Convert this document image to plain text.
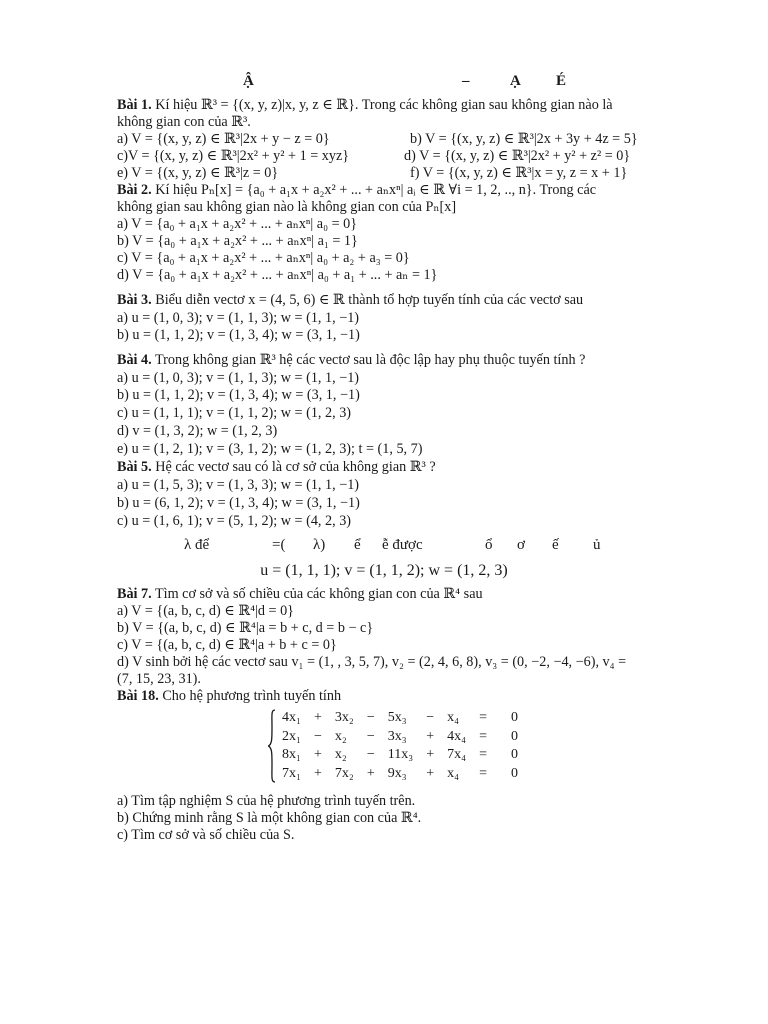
Ậ	–	Ạ É
Bài 1. Kí hiệu ℝ³ = {(x, y, z)|x, y, z ∈ ℝ}. Trong các không gian sau không gian nào là
không gian con của ℝ³.
a) V = {(x, y, z) ∈ ℝ³|2x + y − z = 0}	b) V = {(x, y, z) ∈ ℝ³|2x + 3y + 4z = 5}
c)V = {(x, y, z) ∈ ℝ³|2x² + y² + 1 = xyz}	d) V = {(x, y, z) ∈ ℝ³|2x² + y² + z² = 0}
e) V = {(x, y, z) ∈ ℝ³|z = 0}	f) V = {(x, y, z) ∈ ℝ³|x = y, z = x + 1}
Bài 2. Kí hiệu Pₙ[x] = {a₀ + a₁x + a₂x² + ... + aₙxⁿ| aᵢ ∈ ℝ ∀i = 1, 2, .., n}. Trong các
không gian sau không gian nào là không gian con của Pₙ[x]
a) V = {a₀ + a₁x + a₂x² + ... + aₙxⁿ| a₀ = 0}
b) V = {a₀ + a₁x + a₂x² + ... + aₙxⁿ| a₁ = 1}
c) V = {a₀ + a₁x + a₂x² + ... + aₙxⁿ| a₀ + a₂ + a₃ = 0}
d) V = {a₀ + a₁x + a₂x² + ... + aₙxⁿ| a₀ + a₁ + ... + aₙ = 1}
Bài 3. Biểu diễn vectơ x = (4, 5, 6) ∈ ℝ thành tổ hợp tuyến tính của các vectơ sau
a) u = (1, 0, 3); v = (1, 1, 3); w = (1, 1, −1)
b) u = (1, 1, 2); v = (1, 3, 4); w = (3, 1, −1)
Bài 4. Trong không gian ℝ³ hệ các vectơ sau là độc lập hay phụ thuộc tuyến tính ?
a) u = (1, 0, 3); v = (1, 1, 3); w = (1, 1, −1)
b) u = (1, 1, 2); v = (1, 3, 4); w = (3, 1, −1)
c) u = (1, 1, 1); v = (1, 1, 2); w = (1, 2, 3)
d) v = (1, 3, 2); w = (1, 2, 3)
e) u = (1, 2, 1); v = (3, 1, 2); w = (1, 2, 3); t = (1, 5, 7)
Bài 5. Hệ các vectơ sau có là cơ sở của không gian ℝ³ ?
a) u = (1, 5, 3); v = (1, 3, 3); w = (1, 1, −1)
b) u = (6, 1, 2); v = (1, 3, 4); w = (3, 1, −1)
c) u = (1, 6, 1); v = (5, 1, 2); w = (4, 2, 3)
λ để	=( λ) ể ễ được	ổ ơ ế ủ
u = (1, 1, 1); v = (1, 1, 2); w = (1, 2, 3)
Bài 7. Tìm cơ sở và số chiều của các không gian con của ℝ⁴ sau
a) V = {(a, b, c, d) ∈ ℝ⁴|d = 0}
b) V = {(a, b, c, d) ∈ ℝ⁴|a = b + c, d = b − c}
c) V = {(a, b, c, d) ∈ ℝ⁴|a + b + c = 0}
d) V sinh bởi hệ các vectơ sau v₁ = (1, , 3, 5, 7), v₂ = (2, 4, 6, 8), v₃ = (0, −2, −4, −6), v₄ =
(7, 15, 23, 31).
Bài 18. Cho hệ phương trình tuyến tính
4x₁	+	3x₂	−	5x₃	−	x₄	=	0
2x₁	−	x₂	−	3x₃	+	4x₄	=	0
8x₁	+	x₂	−	11x₃	+	7x₄	=	0
7x₁	+	7x₂	+	9x₃	+	x₄	=	0
a) Tìm tập nghiệm S của hệ phương trình tuyến trên.
b) Chứng minh rằng S là một không gian con của ℝ⁴.
c) Tìm cơ sở và số chiều của S.
